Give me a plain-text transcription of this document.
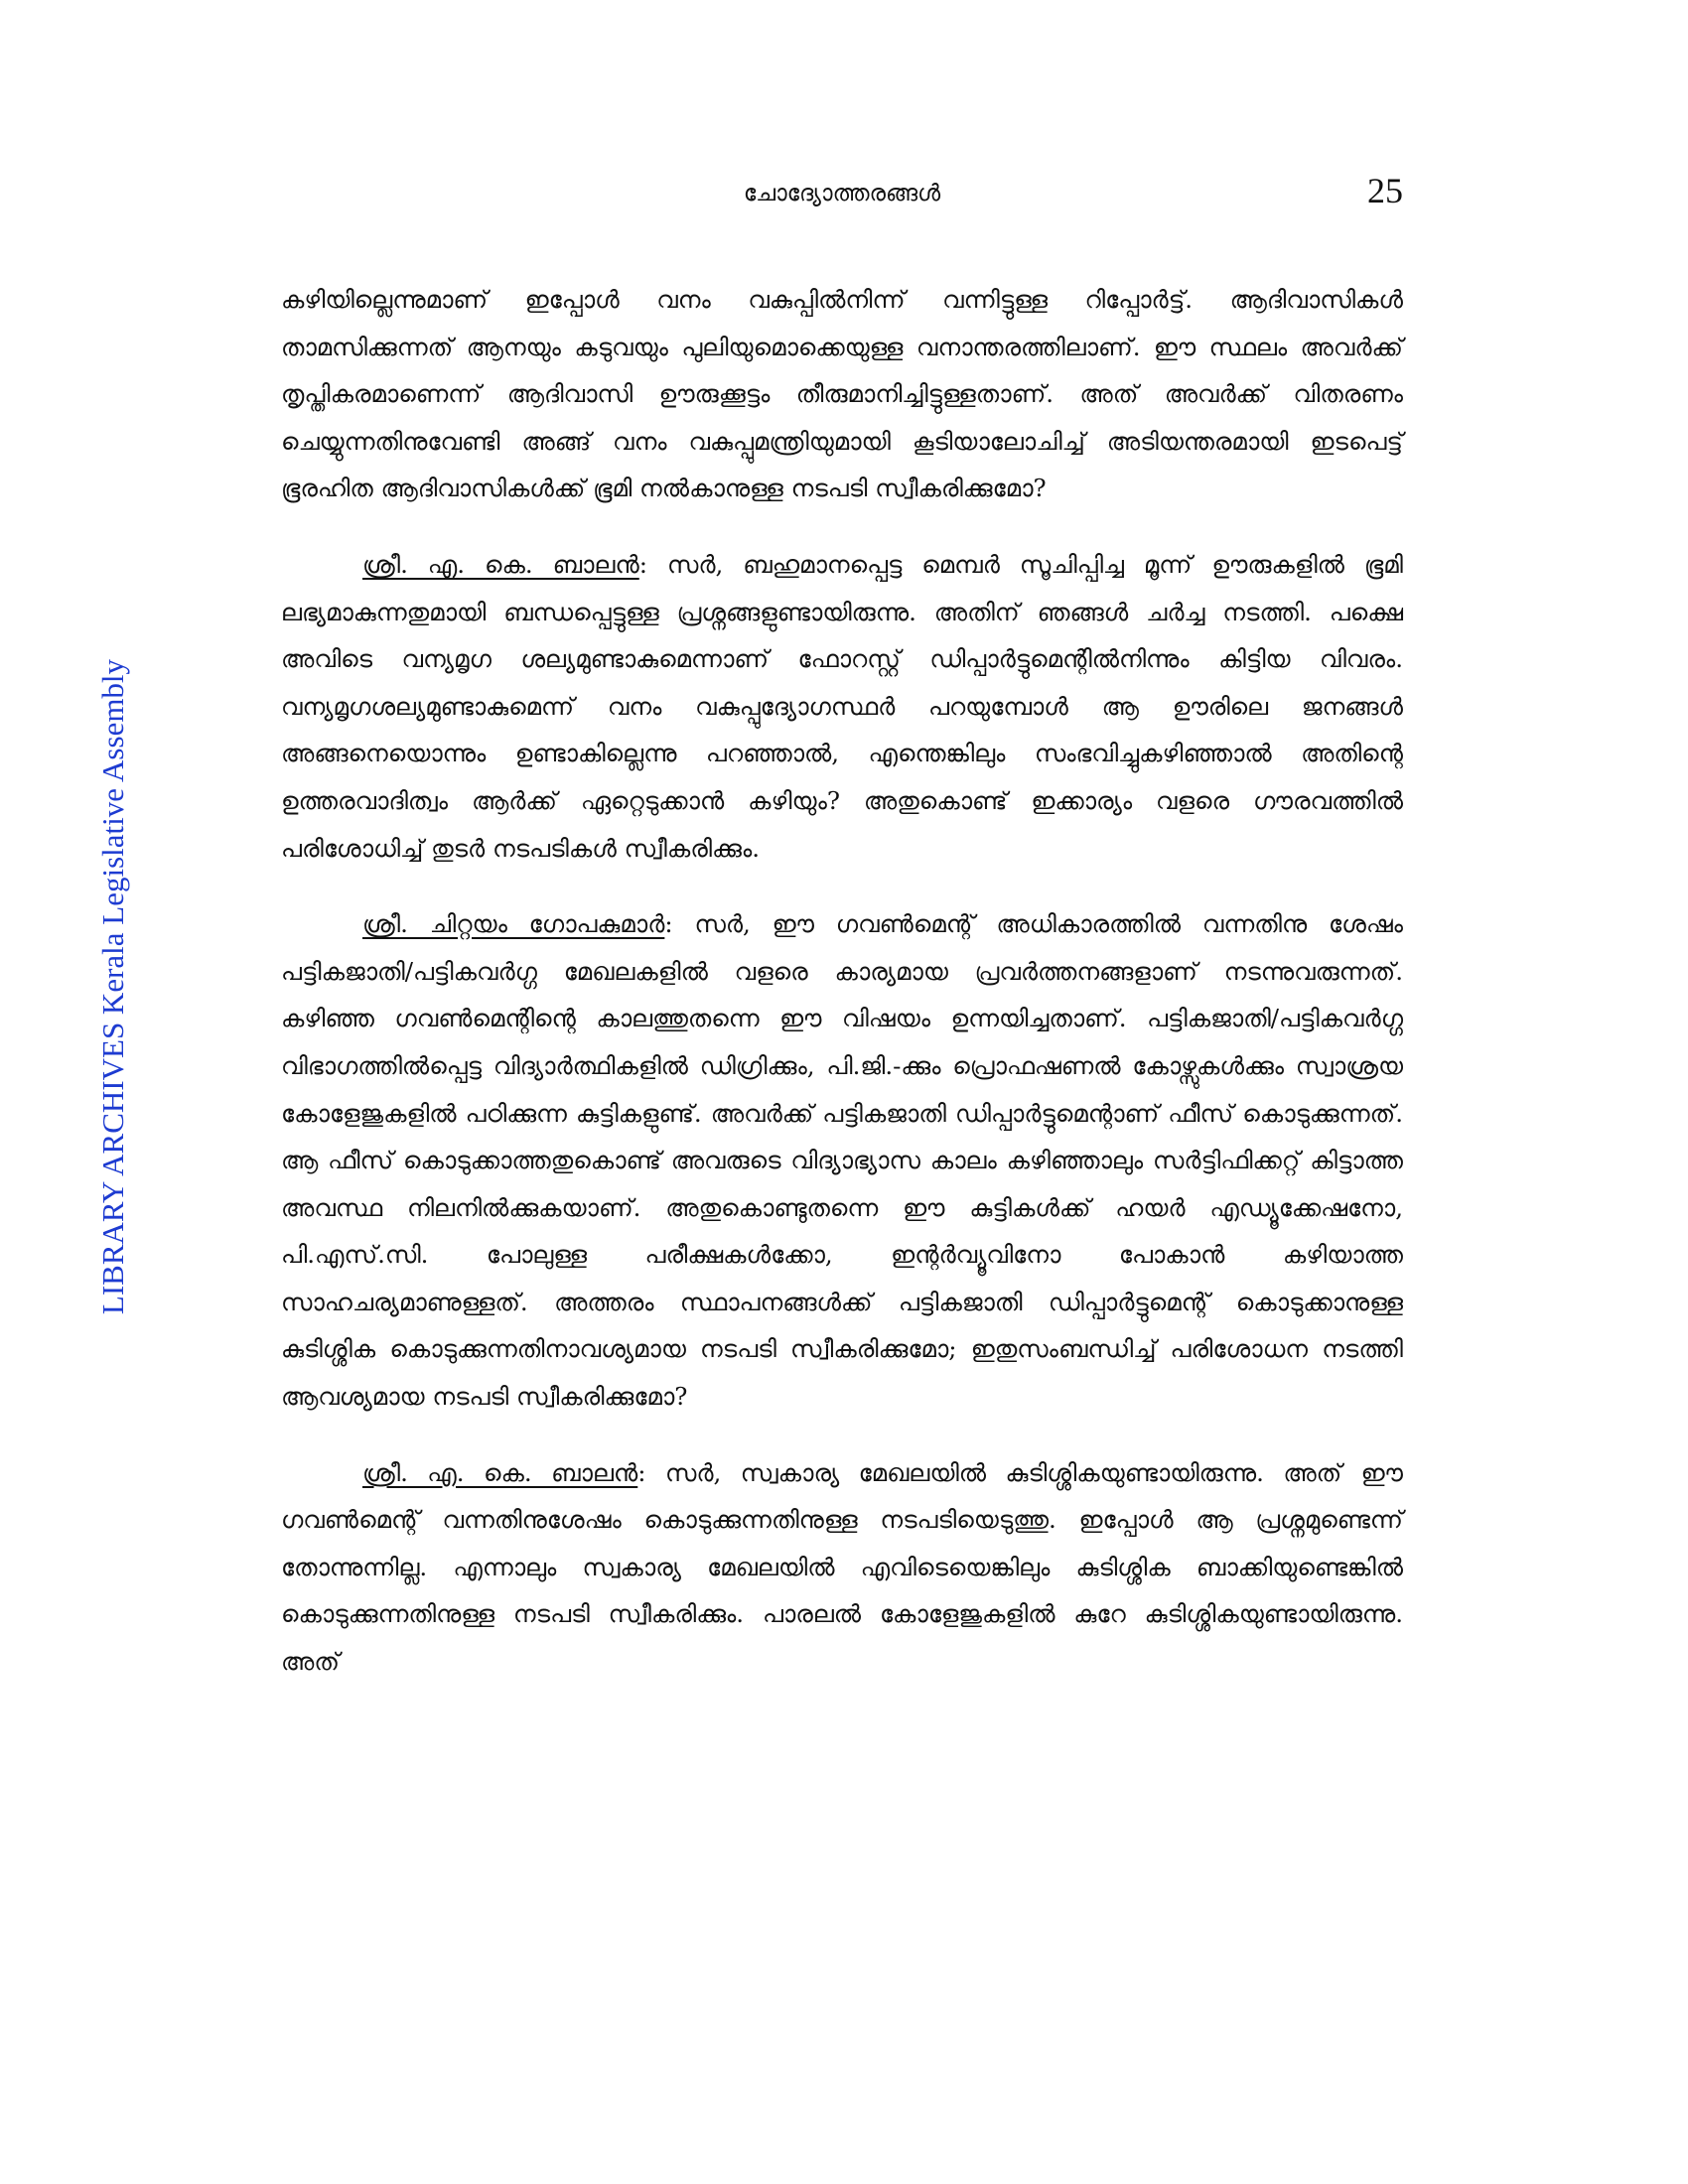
ചോദ്യോത്തരങ്ങൾ	25
LIBRARY ARCHIVES Kerala Legislative Assembly

കഴിയില്ലെന്നുമാണ് ഇപ്പോൾ വനം വകുപ്പിൽനിന്ന് വന്നിട്ടുള്ള റിപ്പോർട്ട്. ആദിവാസികൾ താമസിക്കുന്നത് ആനയും കടുവയും പുലിയുമൊക്കെയുള്ള വനാന്തരത്തിലാണ്. ഈ സ്ഥലം അവർക്ക് തൃപ്തികരമാണെന്ന് ആദിവാസി ഊരുക്കൂട്ടം തീരുമാനിച്ചിട്ടുള്ളതാണ്. അത് അവർക്ക് വിതരണം ചെയ്യുന്നതിനുവേണ്ടി അങ്ങ് വനം വകുപ്പുമന്ത്രിയുമായി കൂടിയാലോചിച്ച് അടിയന്തരമായി ഇടപെട്ട് ഭൂരഹിത ആദിവാസികൾക്ക് ഭൂമി നൽകാനുള്ള നടപടി സ്വീകരിക്കുമോ?

ശ്രീ. എ. കെ. ബാലൻ: സർ, ബഹുമാനപ്പെട്ട മെമ്പർ സൂചിപ്പിച്ച മൂന്ന് ഊരുകളിൽ ഭൂമി ലഭ്യമാകുന്നതുമായി ബന്ധപ്പെട്ടുള്ള പ്രശ്നങ്ങളുണ്ടായിരുന്നു. അതിന് ഞങ്ങൾ ചർച്ച നടത്തി. പക്ഷെ അവിടെ വന്യമൃഗ ശല്യമുണ്ടാകുമെന്നാണ് ഫോറസ്റ്റ് ഡിപ്പാർട്ടുമെന്റിൽനിന്നും കിട്ടിയ വിവരം. വന്യമൃഗശല്യമുണ്ടാകുമെന്ന് വനം വകുപ്പുദ്യോഗസ്ഥർ പറയുമ്പോൾ ആ ഊരിലെ ജനങ്ങൾ അങ്ങനെയൊന്നും ഉണ്ടാകില്ലെന്നു പറഞ്ഞാൽ, എന്തെങ്കിലും സംഭവിച്ചുകഴിഞ്ഞാൽ അതിന്റെ ഉത്തരവാദിത്വം ആർക്ക് ഏറ്റെടുക്കാൻ കഴിയും? അതുകൊണ്ട് ഇക്കാര്യം വളരെ ഗൗരവത്തിൽ പരിശോധിച്ച് തുടർ നടപടികൾ സ്വീകരിക്കും.

ശ്രീ. ചിറ്റയം ഗോപകുമാർ: സർ, ഈ ഗവൺമെന്റ് അധികാരത്തിൽ വന്നതിനു ശേഷം പട്ടികജാതി/പട്ടികവർഗ്ഗ മേഖലകളിൽ വളരെ കാര്യമായ പ്രവർത്തനങ്ങളാണ് നടന്നുവരുന്നത്. കഴിഞ്ഞ ഗവൺമെന്റിന്റെ കാലത്തുതന്നെ ഈ വിഷയം ഉന്നയിച്ചതാണ്. പട്ടികജാതി/പട്ടികവർഗ്ഗ വിഭാഗത്തിൽപ്പെട്ട വിദ്യാർത്ഥികളിൽ ഡിഗ്രിക്കും, പി.ജി.-ക്കും പ്രൊഫഷണൽ കോഴ്സുകൾക്കും സ്വാശ്രയ കോളേജുകളിൽ പഠിക്കുന്ന കുട്ടികളുണ്ട്. അവർക്ക് പട്ടികജാതി ഡിപ്പാർട്ടുമെന്റാണ് ഫീസ് കൊടുക്കുന്നത്. ആ ഫീസ് കൊടുക്കാത്തതുകൊണ്ട് അവരുടെ വിദ്യാഭ്യാസ കാലം കഴിഞ്ഞാലും സർട്ടിഫിക്കറ്റ് കിട്ടാത്ത അവസ്ഥ നിലനിൽക്കുകയാണ്. അതുകൊണ്ടുതന്നെ ഈ കുട്ടികൾക്ക് ഹയർ എഡ്യൂക്കേഷനോ, പി.എസ്.സി. പോലുള്ള പരീക്ഷകൾക്കോ, ഇന്റർവ്യൂവിനോ പോകാൻ കഴിയാത്ത സാഹചര്യമാണുള്ളത്. അത്തരം സ്ഥാപനങ്ങൾക്ക് പട്ടികജാതി ഡിപ്പാർട്ടുമെന്റ് കൊടുക്കാനുള്ള കുടിശ്ശിക കൊടുക്കുന്നതിനാവശ്യമായ നടപടി സ്വീകരിക്കുമോ; ഇതുസംബന്ധിച്ച് പരിശോധന നടത്തി ആവശ്യമായ നടപടി സ്വീകരിക്കുമോ?

ശ്രീ. എ. കെ. ബാലൻ: സർ, സ്വകാര്യ മേഖലയിൽ കുടിശ്ശികയുണ്ടായിരുന്നു. അത് ഈ ഗവൺമെന്റ് വന്നതിനുശേഷം കൊടുക്കുന്നതിനുള്ള നടപടിയെടുത്തു. ഇപ്പോൾ ആ പ്രശ്നമുണ്ടെന്ന് തോന്നുന്നില്ല. എന്നാലും സ്വകാര്യ മേഖലയിൽ എവിടെയെങ്കിലും കുടിശ്ശിക ബാക്കിയുണ്ടെങ്കിൽ കൊടുക്കുന്നതിനുള്ള നടപടി സ്വീകരിക്കും. പാരലൽ കോളേജുകളിൽ കുറേ കുടിശ്ശികയുണ്ടായിരുന്നു. അത്
